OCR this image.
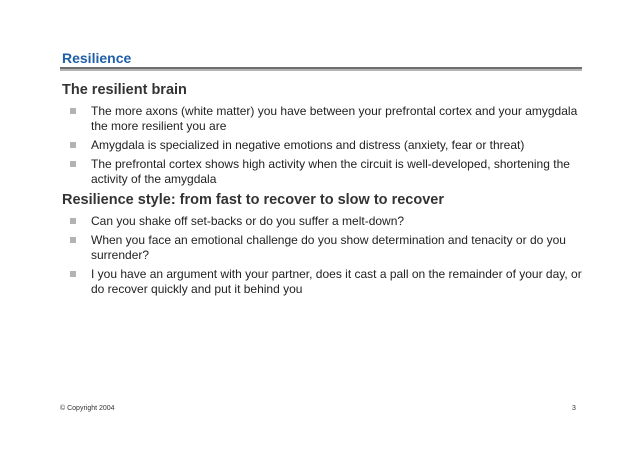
Resilience
The resilient brain
The more axons (white matter) you have between your prefrontal cortex and your amygdala the more resilient you are
Amygdala is specialized in negative emotions and distress (anxiety, fear or threat)
The prefrontal cortex shows high activity when the circuit is well-developed, shortening the activity of the amygdala
Resilience style: from fast to recover to slow to recover
Can you shake off set-backs or do you suffer a melt-down?
When you face an emotional challenge do you show determination and tenacity or do you surrender?
I you have an argument with your partner, does it cast a pall on the remainder of your day, or do recover quickly and put it behind you
© Copyright 2004	3
